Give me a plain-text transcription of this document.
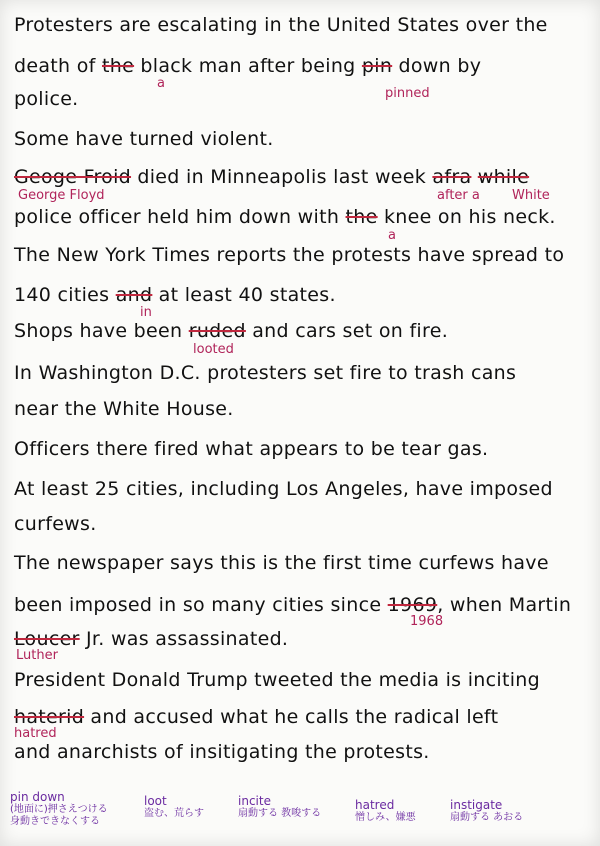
Protesters are escalating in the United States over the
death of the black man after being pin down by
a
pinned
police.
Some have turned violent.
Geoge Froid died in Minneapolis last week afra while
George Floyd	after a White
police officer held him down with the knee on his neck.
a
The New York Times reports the protests have spread to
140 cities and at least 40 states.
in
Shops have been ruded and cars set on fire.
looted
In Washington D.C. protesters set fire to trash cans
near the White House.
Officers there fired what appears to be tear gas.
At least 25 cities, including Los Angeles, have imposed
curfews.
The newspaper says this is the first time curfews have
been imposed in so many cities since 1969, when Martin
1968
Loucer Jr. was assassinated.
Luther
President Donald Trump tweeted the media is inciting
haterid and accused what he calls the radical left
hatred
and anarchists of insitigating the protests.
pin down
(地面に)押さえつける
身動きできなくする
loot
盗む、荒らす
incite
扇動する 教唆する
hatred
憎しみ、嫌悪
instigate
扇動する あおる
